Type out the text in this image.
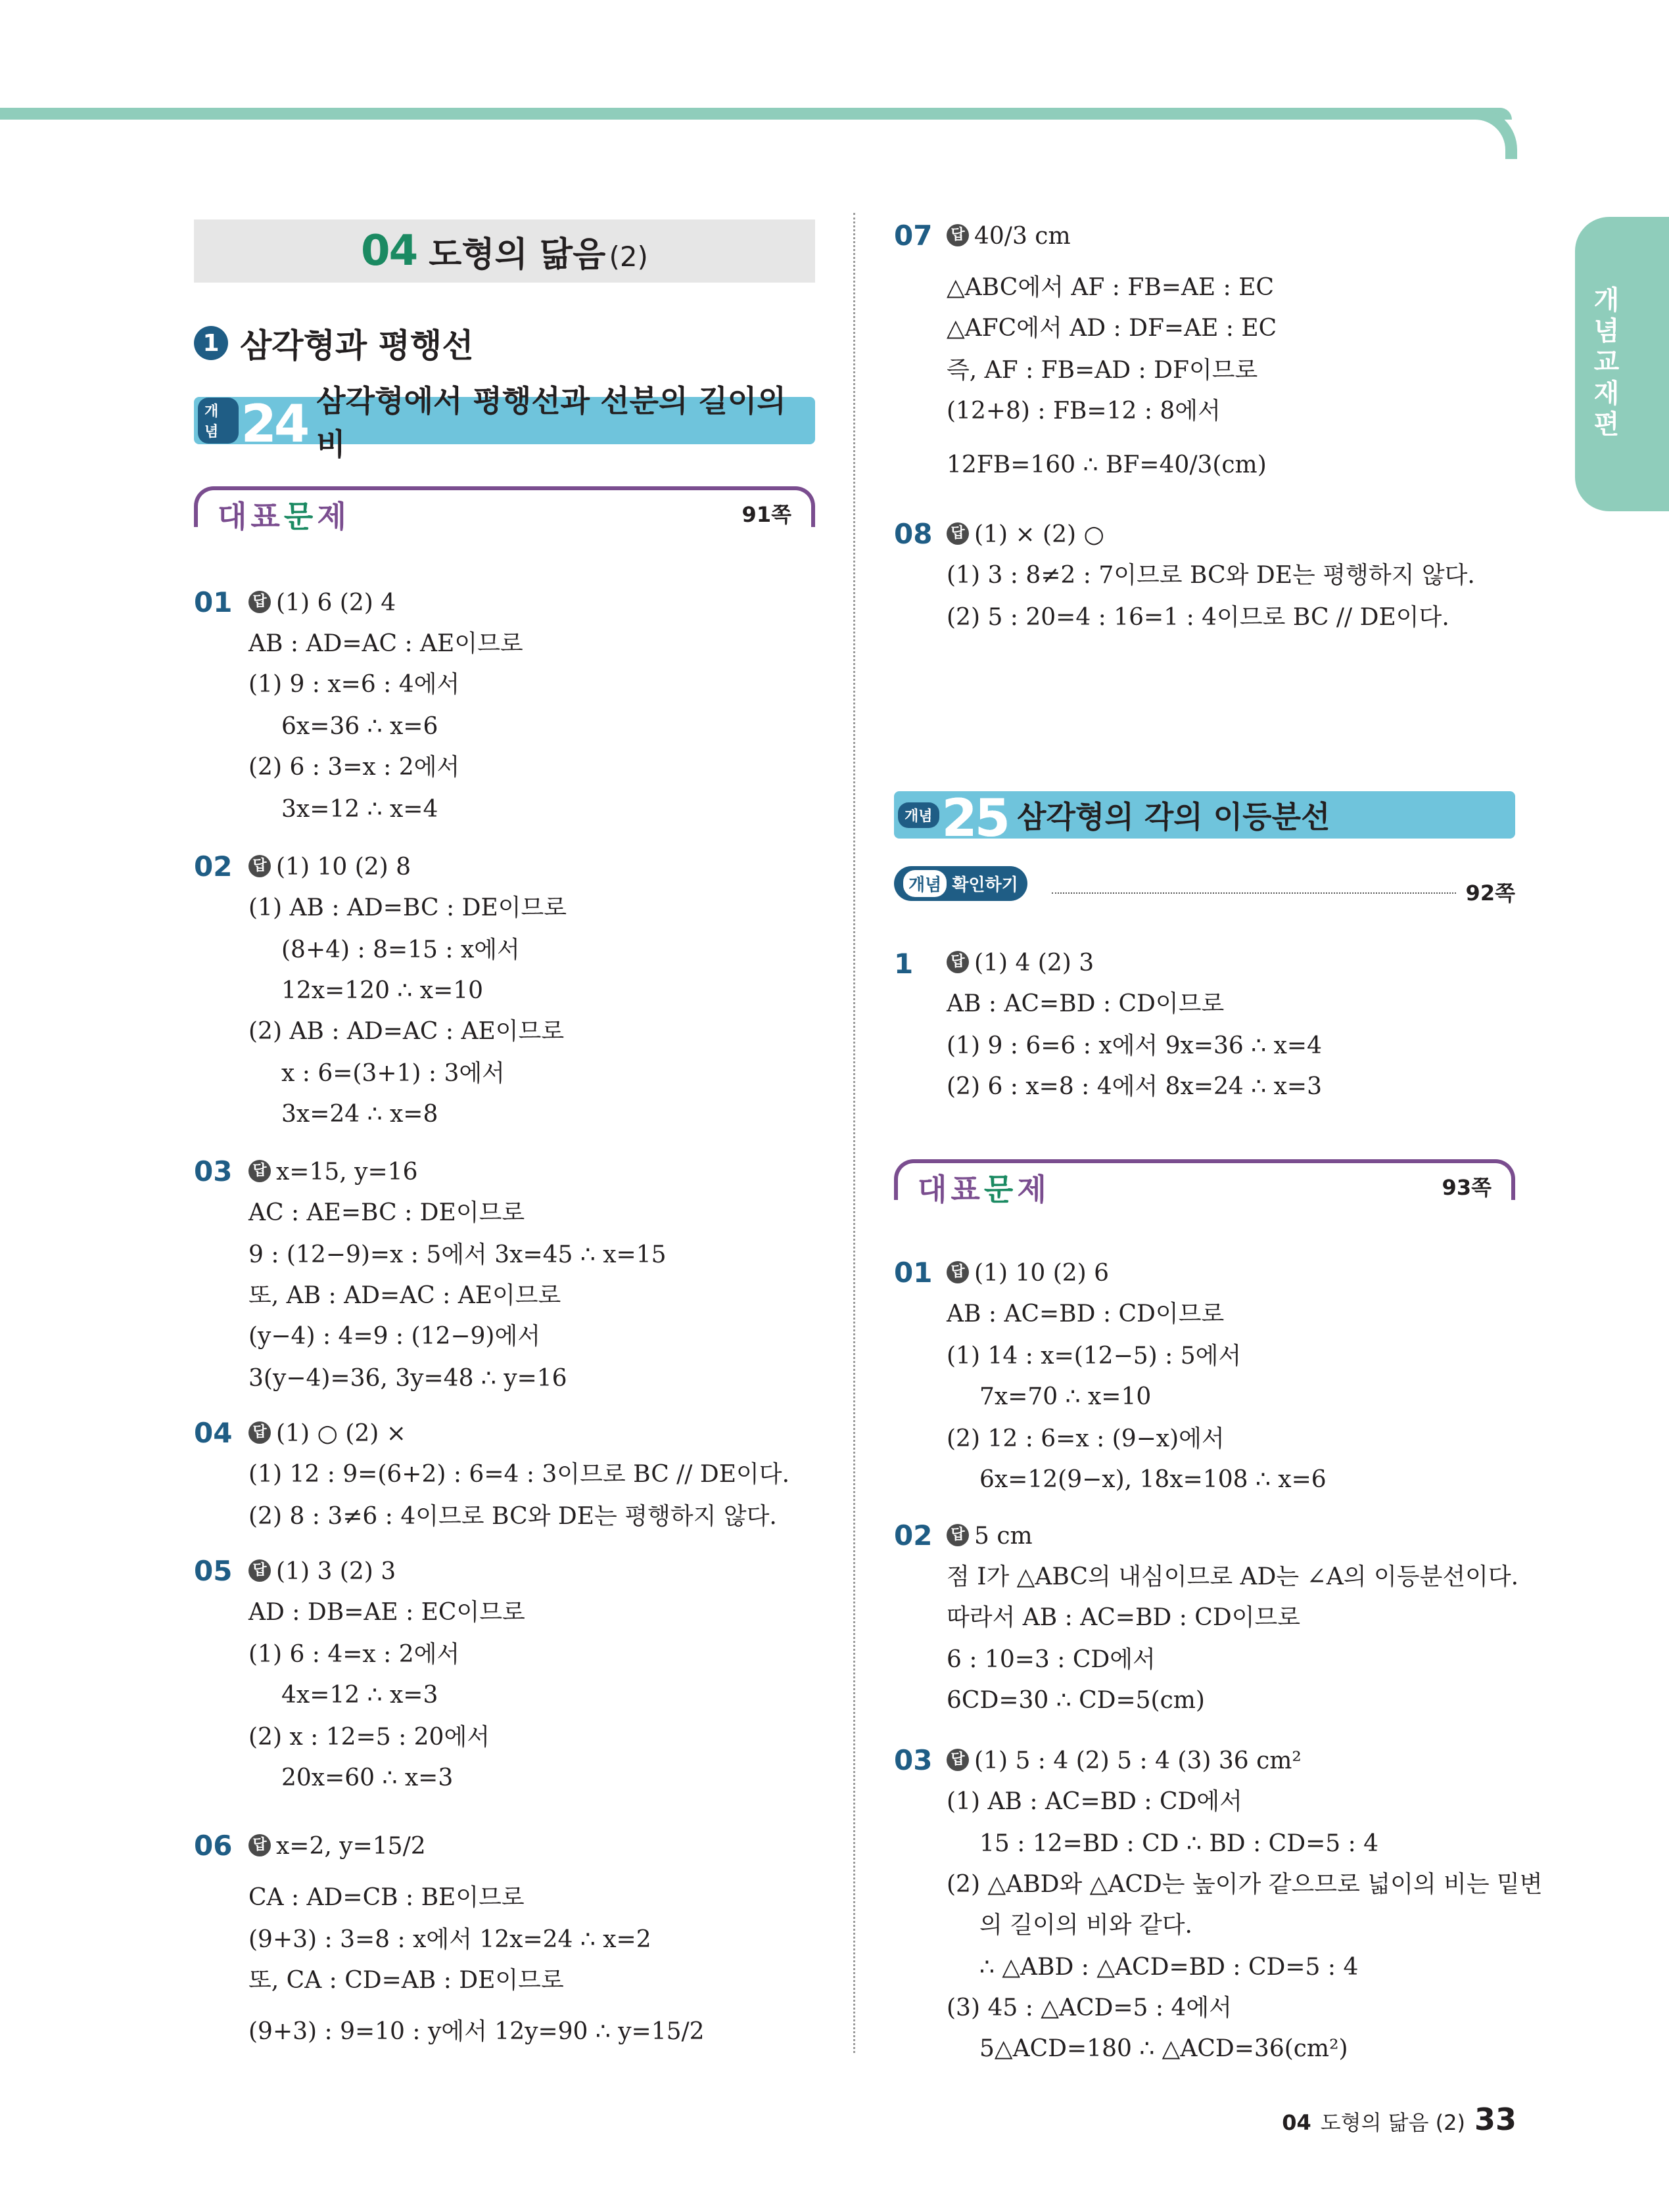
개념교재편
04 도형의 닮음 (2)
1 삼각형과 평행선
개념 24 삼각형에서 평행선과 선분의 길이의 비
대표문제	91쪽
01 답 (1) 6 (2) 4
AB : AD=AC : AE이므로
(1) 9 : x=6 : 4에서
6x=36 ∴ x=6
(2) 6 : 3=x : 2에서
3x=12 ∴ x=4
02 답 (1) 10 (2) 8
(1) AB : AD=BC : DE이므로
(8+4) : 8=15 : x에서
12x=120 ∴ x=10
(2) AB : AD=AC : AE이므로
x : 6=(3+1) : 3에서
3x=24 ∴ x=8
03 답 x=15, y=16
AC : AE=BC : DE이므로
9 : (12−9)=x : 5에서 3x=45 ∴ x=15
또, AB : AD=AC : AE이므로
(y−4) : 4=9 : (12−9)에서
3(y−4)=36, 3y=48 ∴ y=16
04 답 (1) ○ (2) ×
(1) 12 : 9=(6+2) : 6=4 : 3이므로 BC // DE이다.
(2) 8 : 3≠6 : 4이므로 BC와 DE는 평행하지 않다.
05 답 (1) 3 (2) 3
AD : DB=AE : EC이므로
(1) 6 : 4=x : 2에서
4x=12 ∴ x=3
(2) x : 12=5 : 20에서
20x=60 ∴ x=3
06 답 x=2, y=15/2
CA : AD=CB : BE이므로
(9+3) : 3=8 : x에서 12x=24 ∴ x=2
또, CA : CD=AB : DE이므로
(9+3) : 9=10 : y에서 12y=90 ∴ y=15/2
07 답 40/3 cm
△ABC에서 AF : FB=AE : EC
△AFC에서 AD : DF=AE : EC
즉, AF : FB=AD : DF이므로
(12+8) : FB=12 : 8에서
12FB=160 ∴ BF=40/3(cm)
08 답 (1) × (2) ○
(1) 3 : 8≠2 : 7이므로 BC와 DE는 평행하지 않다.
(2) 5 : 20=4 : 16=1 : 4이므로 BC // DE이다.
개념 25 삼각형의 각의 이등분선
개념 확인하기	92쪽
1	답 (1) 4 (2) 3
AB : AC=BD : CD이므로
(1) 9 : 6=6 : x에서 9x=36 ∴ x=4
(2) 6 : x=8 : 4에서 8x=24 ∴ x=3
대표문제	93쪽
01 답 (1) 10 (2) 6
AB : AC=BD : CD이므로
(1) 14 : x=(12−5) : 5에서
7x=70 ∴ x=10
(2) 12 : 6=x : (9−x)에서
6x=12(9−x), 18x=108 ∴ x=6
02 답 5 cm
점 I가 △ABC의 내심이므로 AD는 ∠A의 이등분선이다.
따라서 AB : AC=BD : CD이므로
6 : 10=3 : CD에서
6CD=30 ∴ CD=5(cm)
03 답 (1) 5 : 4 (2) 5 : 4 (3) 36 cm²
(1) AB : AC=BD : CD에서
15 : 12=BD : CD ∴ BD : CD=5 : 4
(2) △ABD와 △ACD는 높이가 같으므로 넓이의 비는 밑변
의 길이의 비와 같다.
∴ △ABD : △ACD=BD : CD=5 : 4
(3) 45 : △ACD=5 : 4에서
5△ACD=180 ∴ △ACD=36(cm²)
04 도형의 닮음 (2) 33
